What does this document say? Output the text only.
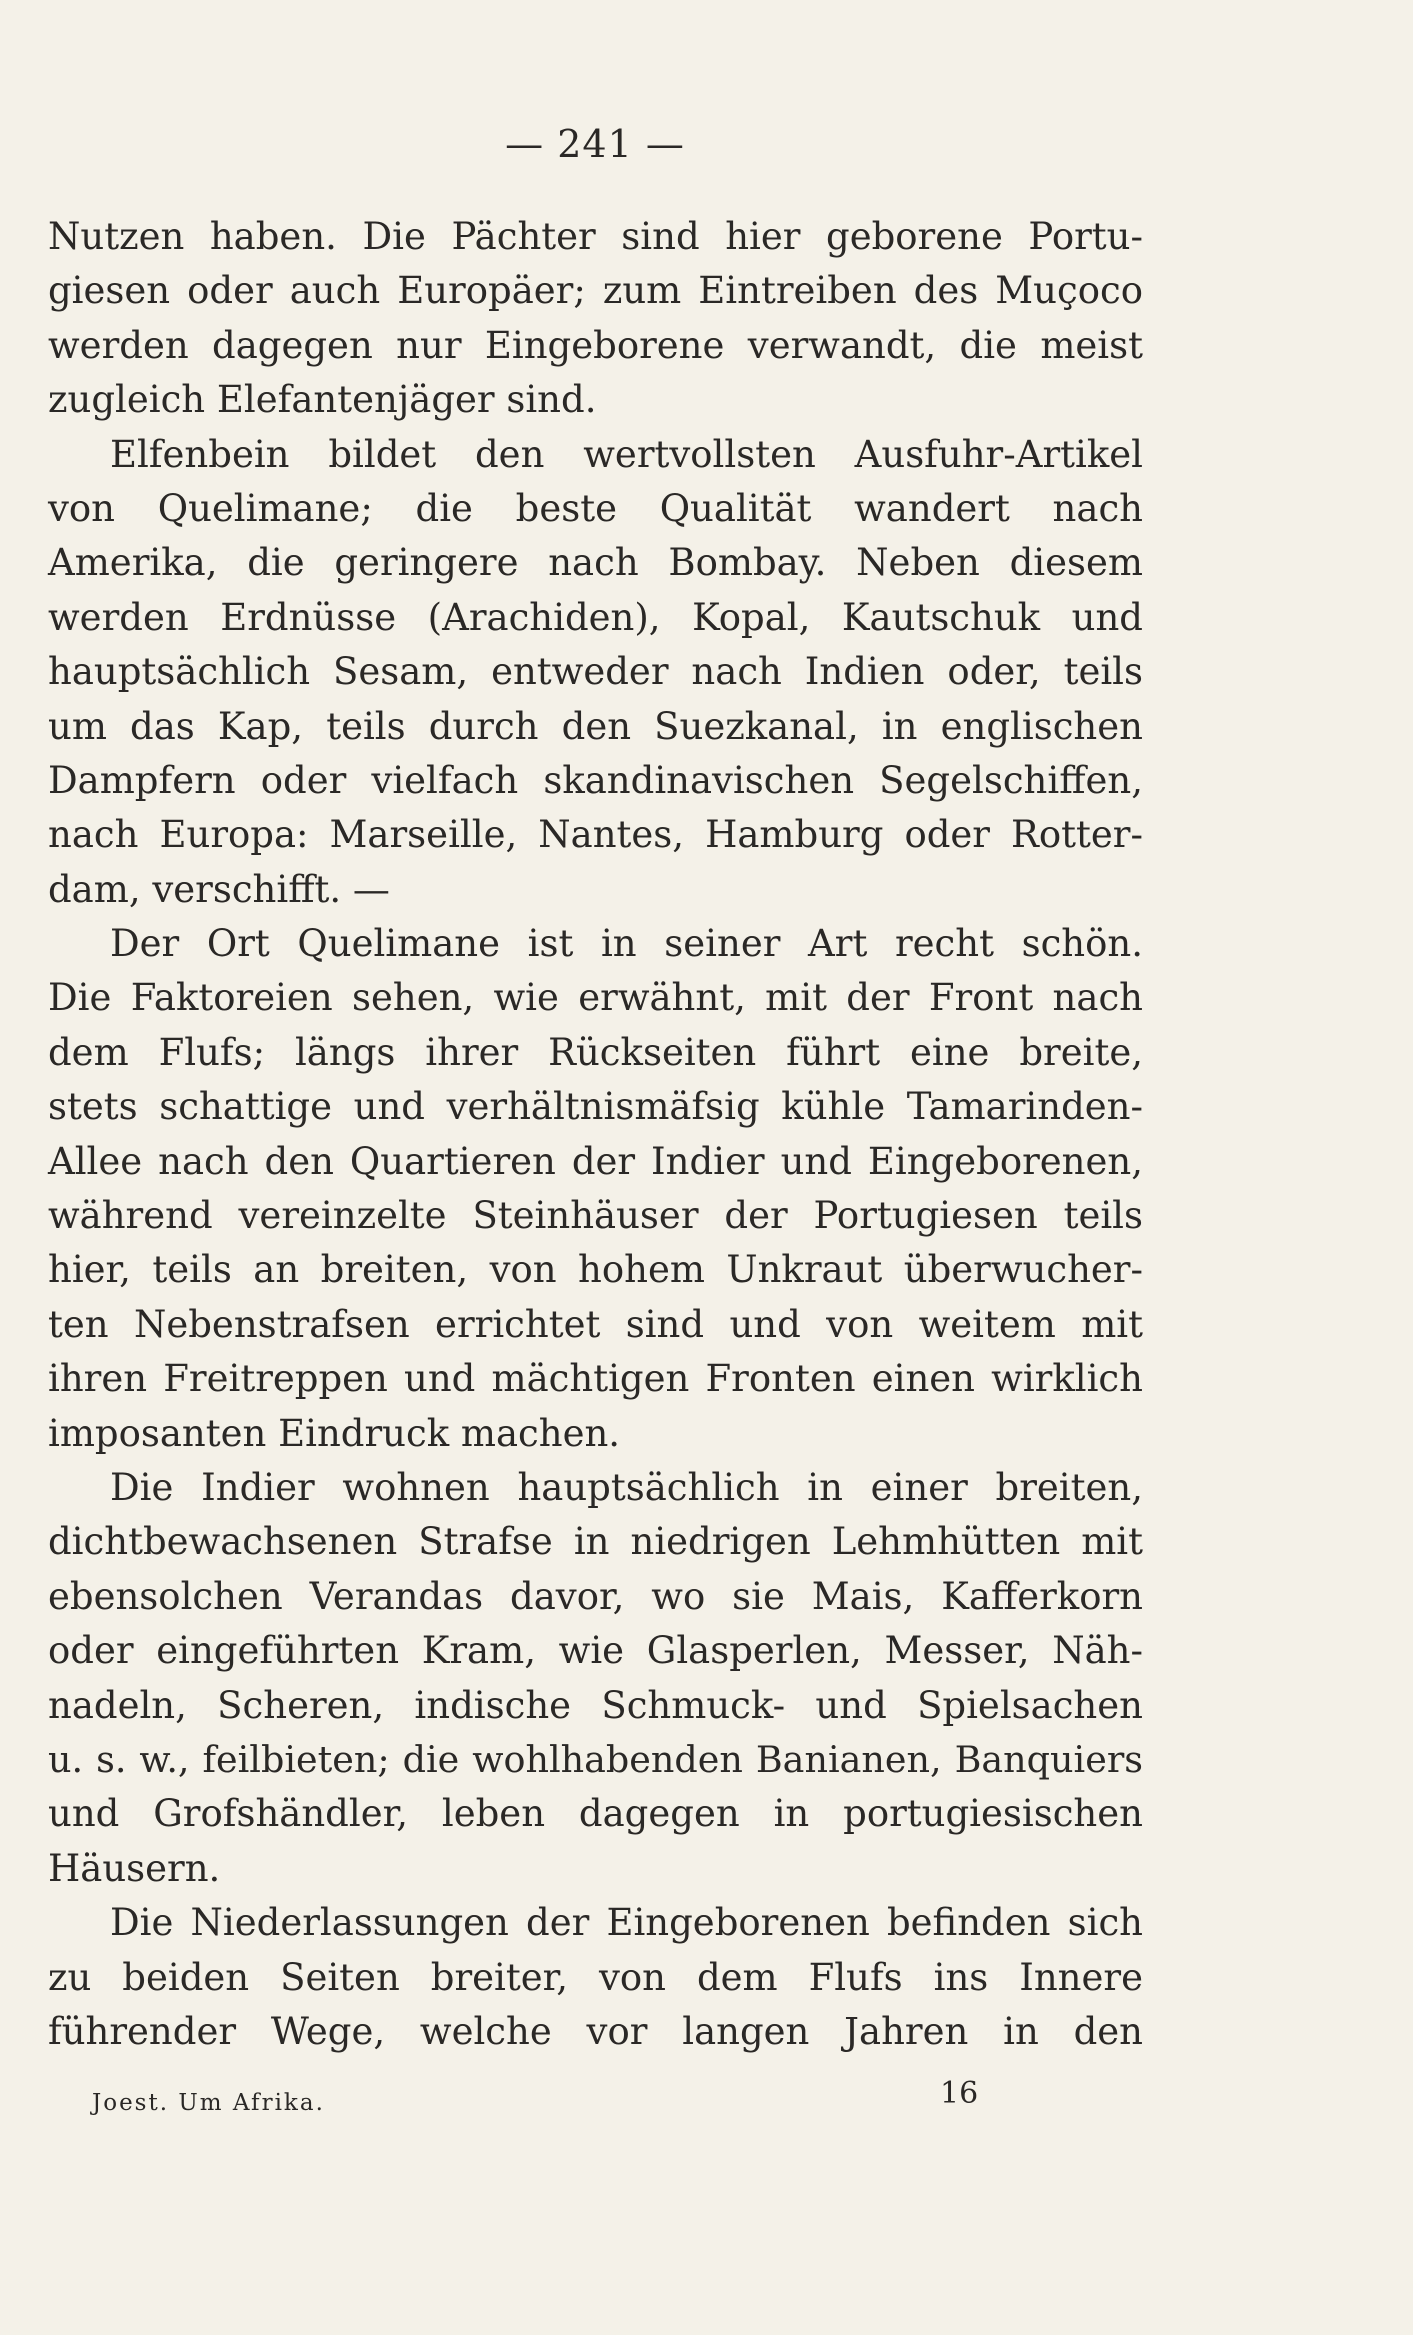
— 241 —
Nutzen haben. Die Pächter sind hier geborene Portu-
giesen oder auch Europäer; zum Eintreiben des Muçoco
werden dagegen nur Eingeborene verwandt, die meist
zugleich Elefantenjäger sind.
Elfenbein bildet den wertvollsten Ausfuhr-Artikel
von Quelimane; die beste Qualität wandert nach
Amerika, die geringere nach Bombay. Neben diesem
werden Erdnüsse (Arachiden), Kopal, Kautschuk und
hauptsächlich Sesam, entweder nach Indien oder, teils
um das Kap, teils durch den Suezkanal, in englischen
Dampfern oder vielfach skandinavischen Segelschiffen,
nach Europa: Marseille, Nantes, Hamburg oder Rotter-
dam, verschifft. —
Der Ort Quelimane ist in seiner Art recht schön.
Die Faktoreien sehen, wie erwähnt, mit der Front nach
dem Flufs; längs ihrer Rückseiten führt eine breite,
stets schattige und verhältnismäfsig kühle Tamarinden-
Allee nach den Quartieren der Indier und Eingeborenen,
während vereinzelte Steinhäuser der Portugiesen teils
hier, teils an breiten, von hohem Unkraut überwucher-
ten Nebenstrafsen errichtet sind und von weitem mit
ihren Freitreppen und mächtigen Fronten einen wirklich
imposanten Eindruck machen.
Die Indier wohnen hauptsächlich in einer breiten,
dichtbewachsenen Strafse in niedrigen Lehmhütten mit
ebensolchen Verandas davor, wo sie Mais, Kafferkorn
oder eingeführten Kram, wie Glasperlen, Messer, Näh-
nadeln, Scheren, indische Schmuck- und Spielsachen
u. s. w., feilbieten; die wohlhabenden Banianen, Banquiers
und Grofshändler, leben dagegen in portugiesischen
Häusern.
Die Niederlassungen der Eingeborenen befinden sich
zu beiden Seiten breiter, von dem Flufs ins Innere
führender Wege, welche vor langen Jahren in den
Joest. Um Afrika.	16
